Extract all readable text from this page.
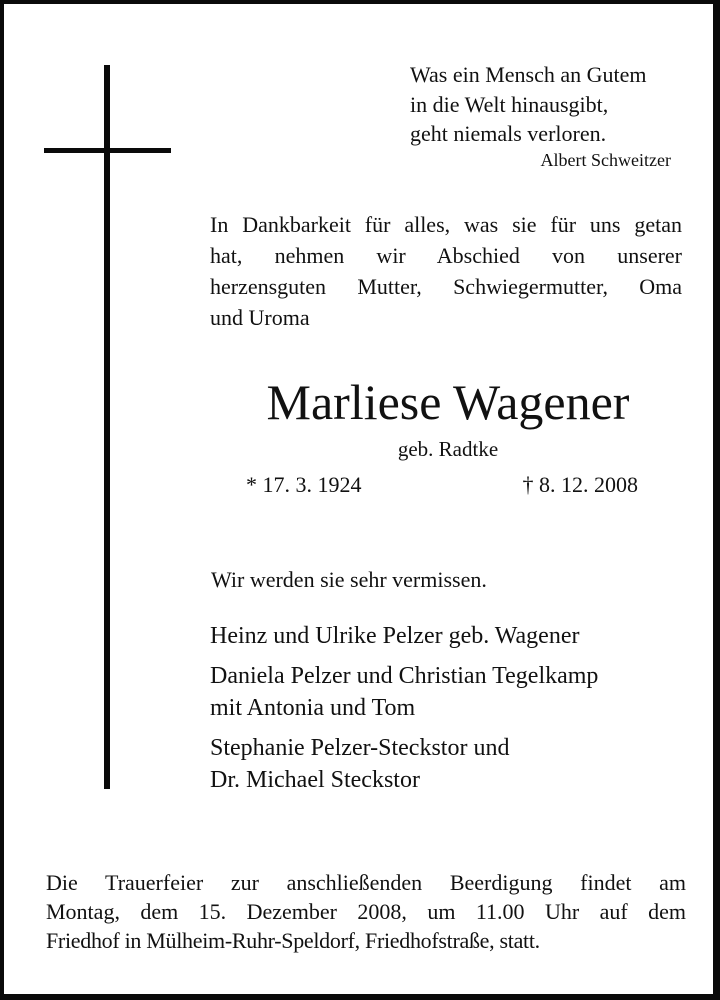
Was ein Mensch an Gutem
in die Welt hinausgibt,
geht niemals verloren.
Albert Schweitzer
In Dankbarkeit für alles, was sie für uns getan
hat, nehmen wir Abschied von unserer
herzensguten Mutter, Schwiegermutter, Oma
und Uroma
Marliese Wagener
geb. Radtke
* 17. 3. 1924	† 8. 12. 2008
Wir werden sie sehr vermissen.
Heinz und Ulrike Pelzer geb. Wagener
Daniela Pelzer und Christian Tegelkamp
mit Antonia und Tom
Stephanie Pelzer-Steckstor und
Dr. Michael Steckstor
Die Trauerfeier zur anschließenden Beerdigung findet am
Montag, dem 15. Dezember 2008, um 11.00 Uhr auf dem
Friedhof in Mülheim-Ruhr-Speldorf, Friedhofstraße, statt.
